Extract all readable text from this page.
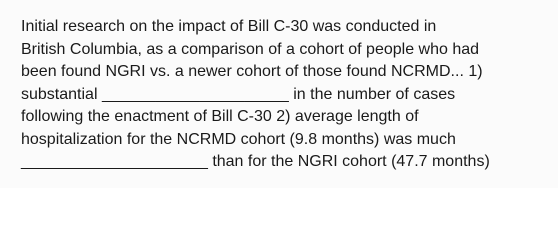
Initial research on the impact of Bill C-30 was conducted in
British Columbia, as a comparison of a cohort of people who had
been found NGRI vs. a newer cohort of those found NCRMD... 1)
substantial _____________________ in the number of cases
following the enactment of Bill C-30 2) average length of
hospitalization for the NCRMD cohort (9.8 months) was much
_____________________ than for the NGRI cohort (47.7 months)
